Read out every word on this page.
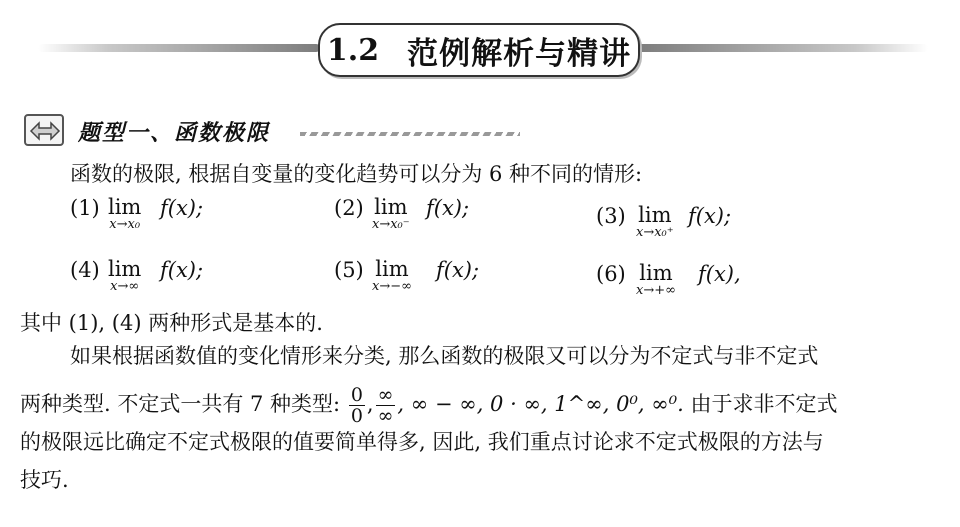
1.2 范例解析与精讲
题型一、函数极限
函数的极限, 根据自变量的变化趋势可以分为 6 种不同的情形:
(1) lim
x→x₀
f(x);	(2) lim
x→x₀⁻
f(x);	(3) lim
x→x₀⁺
f(x);
(4) lim
x→∞
f(x);	(5) lim
x→−∞
f(x);	(6) lim
x→+∞
f(x),
其中 (1), (4) 两种形式是基本的.
如果根据函数值的变化情形来分类, 那么函数的极限又可以分为不定式与非不定式
两种类型. 不定式一共有 7 种类型: $\frac{0}{0}$ , $\frac{\infty}{\infty}$ , ∞ − ∞, 0 · ∞, 1^∞, 0⁰, ∞⁰. 由于求非不定式
的极限远比确定不定式极限的值要简单得多, 因此, 我们重点讨论求不定式极限的方法与
技巧.
